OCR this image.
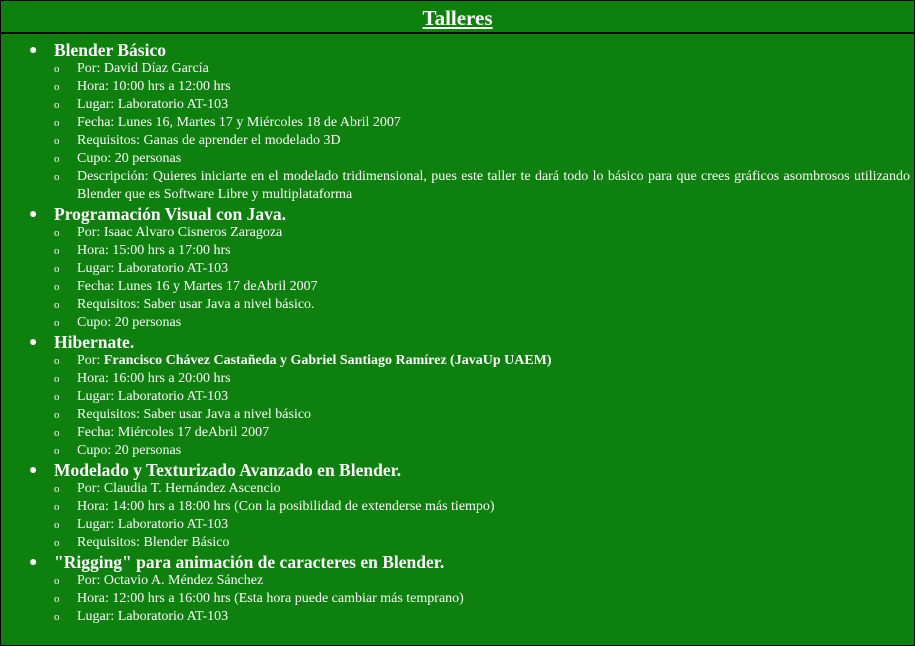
Talleres
● Blender Básico
o Por: David Díaz García
o Hora: 10:00 hrs a 12:00 hrs
o Lugar: Laboratorio AT-103
o Fecha: Lunes 16, Martes 17 y Miércoles 18 de Abril 2007
o Requisitos: Ganas de aprender el modelado 3D
o Cupo: 20 personas
o Descripción: Quieres iniciarte en el modelado tridimensional, pues este taller te dará todo lo básico para que crees gráficos asombrosos utilizando Blender que es Software Libre y multiplataforma
● Programación Visual con Java.
o Por: Isaac Alvaro Cisneros Zaragoza
o Hora: 15:00 hrs a 17:00 hrs
o Lugar: Laboratorio AT-103
o Fecha: Lunes 16 y Martes 17 deAbril 2007
o Requisitos: Saber usar Java a nivel básico.
o Cupo: 20 personas
● Hibernate.
o Por: Francisco Chávez Castañeda y Gabriel Santiago Ramírez (JavaUp UAEM)
o Hora: 16:00 hrs a 20:00 hrs
o Lugar: Laboratorio AT-103
o Requisitos: Saber usar Java a nivel básico
o Fecha: Miércoles 17 deAbril 2007
o Cupo: 20 personas
● Modelado y Texturizado Avanzado en Blender.
o Por: Claudia T. Hernández Ascencio
o Hora: 14:00 hrs a 18:00 hrs (Con la posibilidad de extenderse más tiempo)
o Lugar: Laboratorio AT-103
o Requisitos: Blender Básico
● "Rigging" para animación de caracteres en Blender.
o Por: Octavio A. Méndez Sánchez
o Hora: 12:00 hrs a 16:00 hrs (Esta hora puede cambiar más temprano)
o Lugar: Laboratorio AT-103
